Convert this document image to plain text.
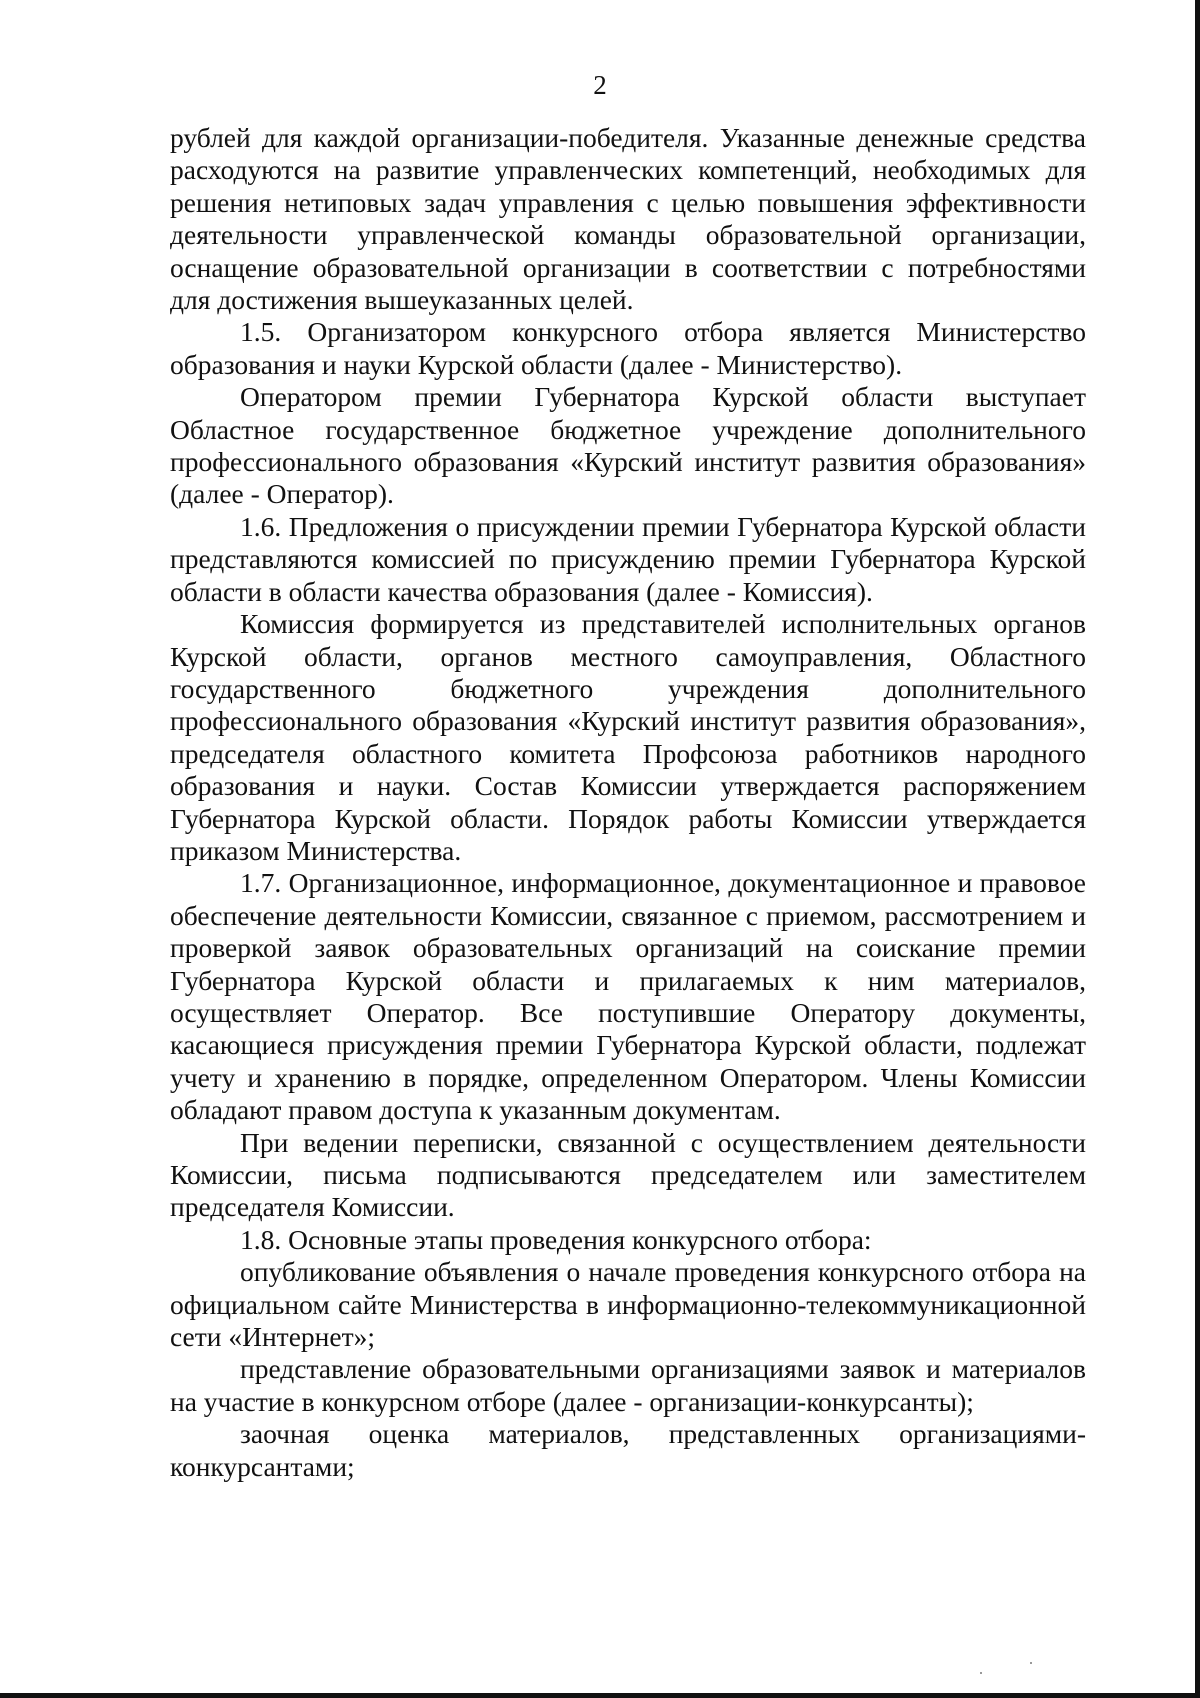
2

рублей для каждой организации-победителя. Указанные денежные средства расходуются на развитие управленческих компетенций, необходимых для решения нетиповых задач управления с целью повышения эффективности деятельности управленческой команды образовательной организации, оснащение образовательной организации в соответствии с потребностями для достижения вышеуказанных целей.

1.5. Организатором конкурсного отбора является Министерство образования и науки Курской области (далее - Министерство).

Оператором премии Губернатора Курской области выступает Областное государственное бюджетное учреждение дополнительного профессионального образования «Курский институт развития образования» (далее - Оператор).

1.6. Предложения о присуждении премии Губернатора Курской области представляются комиссией по присуждению премии Губернатора Курской области в области качества образования (далее - Комиссия).

Комиссия формируется из представителей исполнительных органов Курской области, органов местного самоуправления, Областного государственного бюджетного учреждения дополнительного профессионального образования «Курский институт развития образования», председателя областного комитета Профсоюза работников народного образования и науки. Состав Комиссии утверждается распоряжением Губернатора Курской области. Порядок работы Комиссии утверждается приказом Министерства.

1.7. Организационное, информационное, документационное и правовое обеспечение деятельности Комиссии, связанное с приемом, рассмотрением и проверкой заявок образовательных организаций на соискание премии Губернатора Курской области и прилагаемых к ним материалов, осуществляет Оператор. Все поступившие Оператору документы, касающиеся присуждения премии Губернатора Курской области, подлежат учету и хранению в порядке, определенном Оператором. Члены Комиссии обладают правом доступа к указанным документам.

При ведении переписки, связанной с осуществлением деятельности Комиссии, письма подписываются председателем или заместителем председателя Комиссии.

1.8. Основные этапы проведения конкурсного отбора:

опубликование объявления о начале проведения конкурсного отбора на официальном сайте Министерства в информационно-телекоммуникационной сети «Интернет»;

представление образовательными организациями заявок и материалов на участие в конкурсном отборе (далее - организации-конкурсанты);

заочная оценка материалов, представленных организациями-конкурсантами;
